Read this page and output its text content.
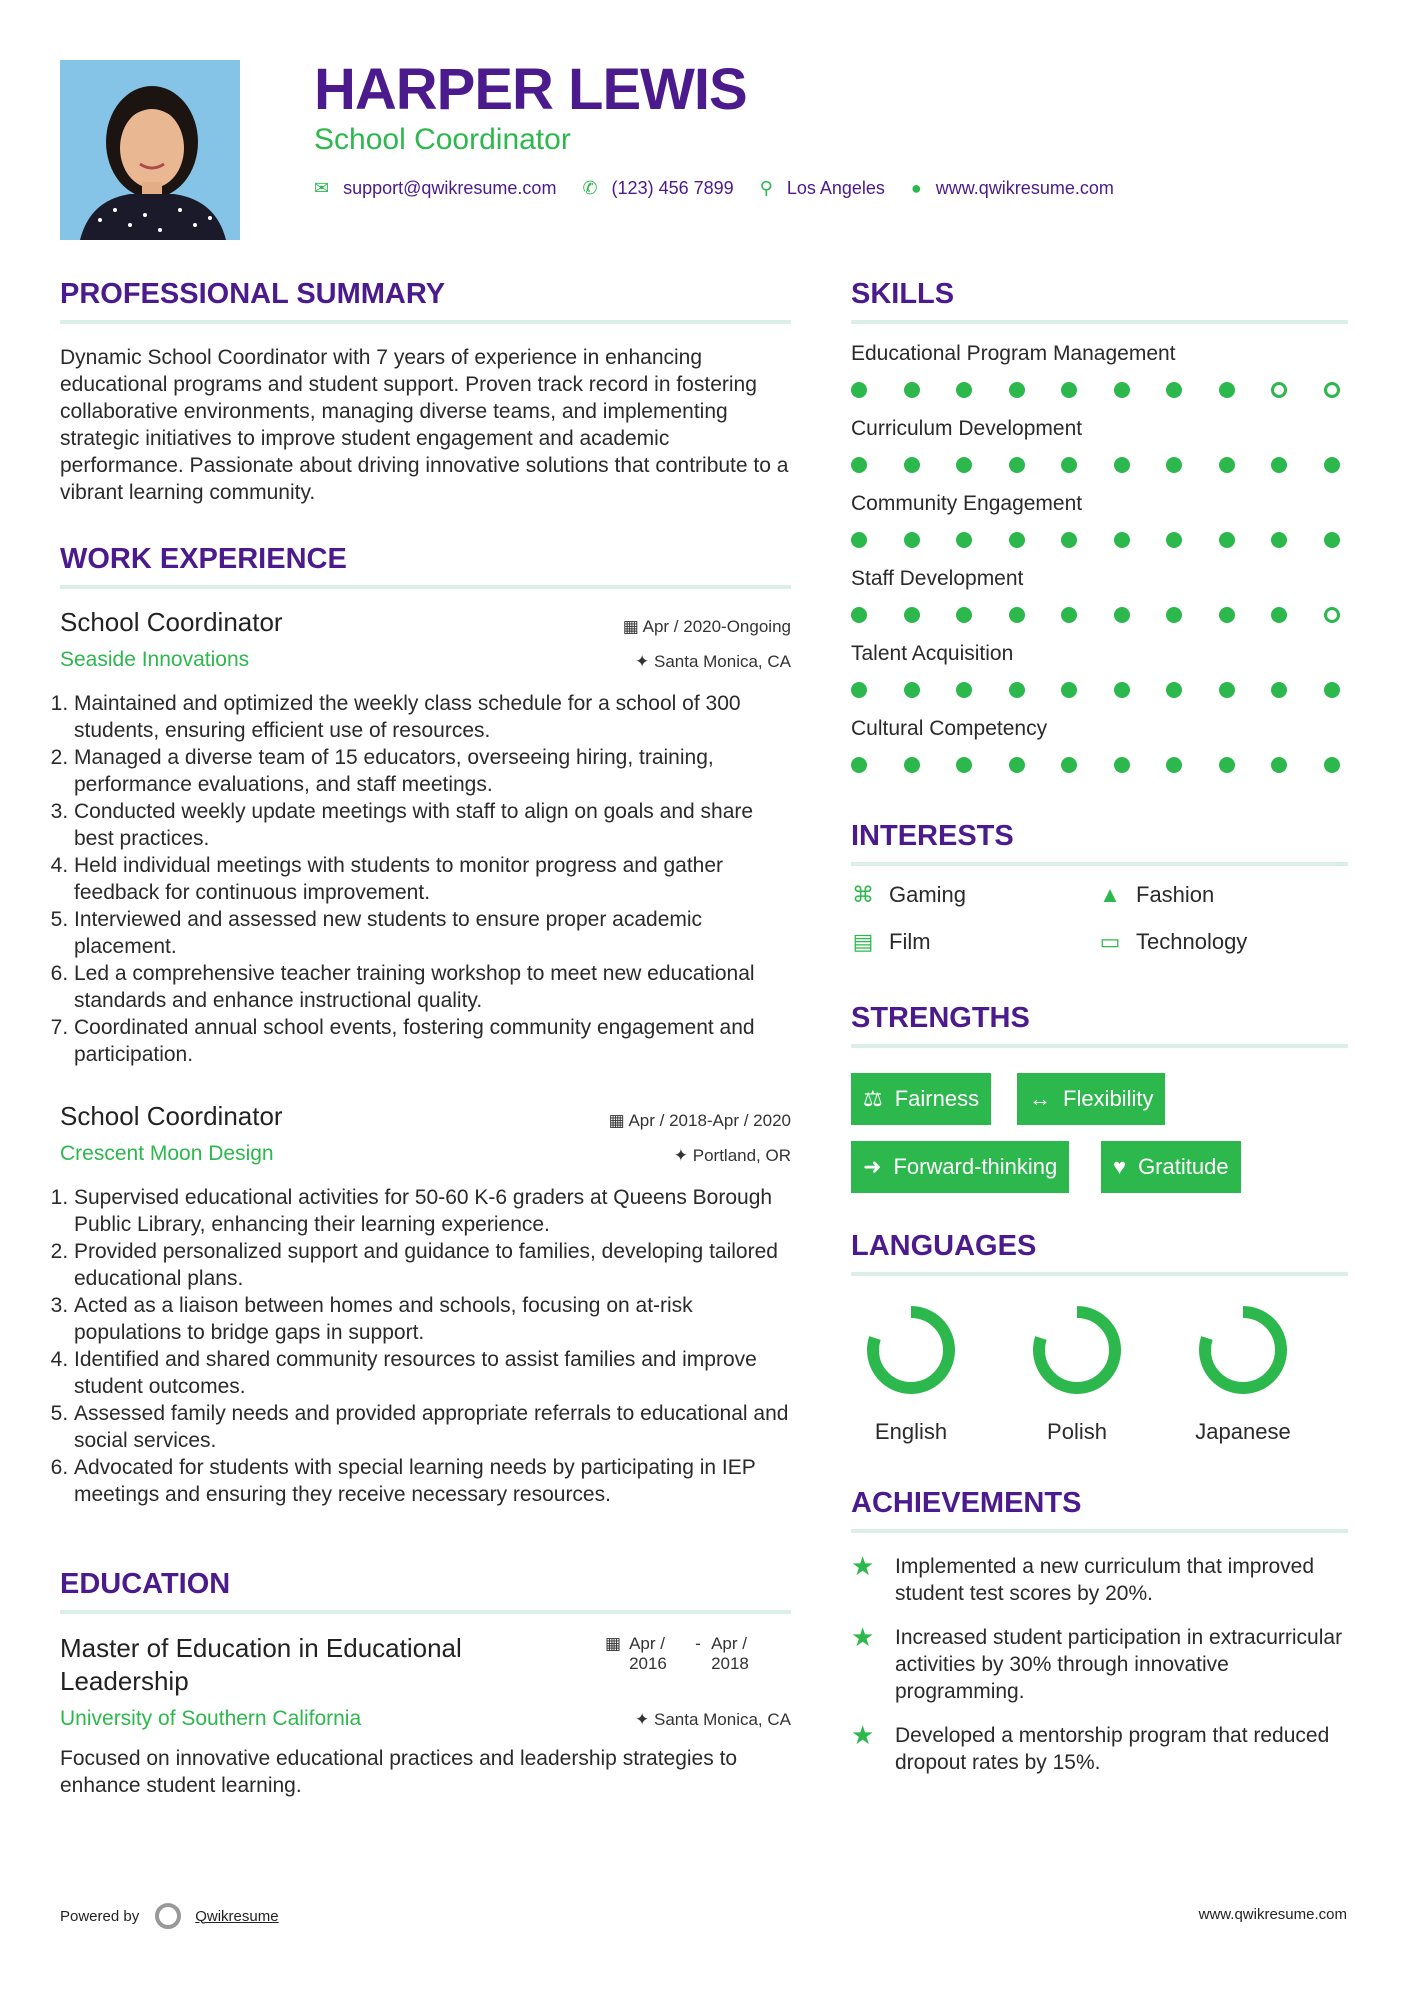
HARPER LEWIS
School Coordinator
✉ support@qwikresume.com ✆ (123) 456 7899 ⚲ Los Angeles ● www.qwikresume.com
PROFESSIONAL SUMMARY
Dynamic School Coordinator with 7 years of experience in enhancing educational programs and student support. Proven track record in fostering collaborative environments, managing diverse teams, and implementing strategic initiatives to improve student engagement and academic performance. Passionate about driving innovative solutions that contribute to a vibrant learning community.
WORK EXPERIENCE
School Coordinator
Seaside Innovations
▦ Apr / 2020-Ongoing
✦ Santa Monica, CA
1. Maintained and optimized the weekly class schedule for a school of 300 students, ensuring efficient use of resources.
2. Managed a diverse team of 15 educators, overseeing hiring, training, performance evaluations, and staff meetings.
3. Conducted weekly update meetings with staff to align on goals and share best practices.
4. Held individual meetings with students to monitor progress and gather feedback for continuous improvement.
5. Interviewed and assessed new students to ensure proper academic placement.
6. Led a comprehensive teacher training workshop to meet new educational standards and enhance instructional quality.
7. Coordinated annual school events, fostering community engagement and participation.
School Coordinator
Crescent Moon Design
▦ Apr / 2018-Apr / 2020
✦ Portland, OR
1. Supervised educational activities for 50-60 K-6 graders at Queens Borough Public Library, enhancing their learning experience.
2. Provided personalized support and guidance to families, developing tailored educational plans.
3. Acted as a liaison between homes and schools, focusing on at-risk populations to bridge gaps in support.
4. Identified and shared community resources to assist families and improve student outcomes.
5. Assessed family needs and provided appropriate referrals to educational and social services.
6. Advocated for students with special learning needs by participating in IEP meetings and ensuring they receive necessary resources.
EDUCATION
Master of Education in Educational Leadership
▦ Apr / 2016
- Apr / 2018
University of Southern California	✦ Santa Monica, CA
Focused on innovative educational practices and leadership strategies to enhance student learning.
SKILLS
Educational Program Management
Curriculum Development
Community Engagement
Staff Development
Talent Acquisition
Cultural Competency
INTERESTS
⌘ Gaming	▲ Fashion
▤ Film	▭ Technology
STRENGTHS
⚖ Fairness ↔ Flexibility
➜ Forward-thinking	♥ Gratitude
LANGUAGES
English	Polish	Japanese
ACHIEVEMENTS
★ Implemented a new curriculum that improved student test scores by 20%.
★ Increased student participation in extracurricular activities by 30% through innovative programming.
★ Developed a mentorship program that reduced dropout rates by 15%.
Powered by	Qwikresume	www.qwikresume.com
